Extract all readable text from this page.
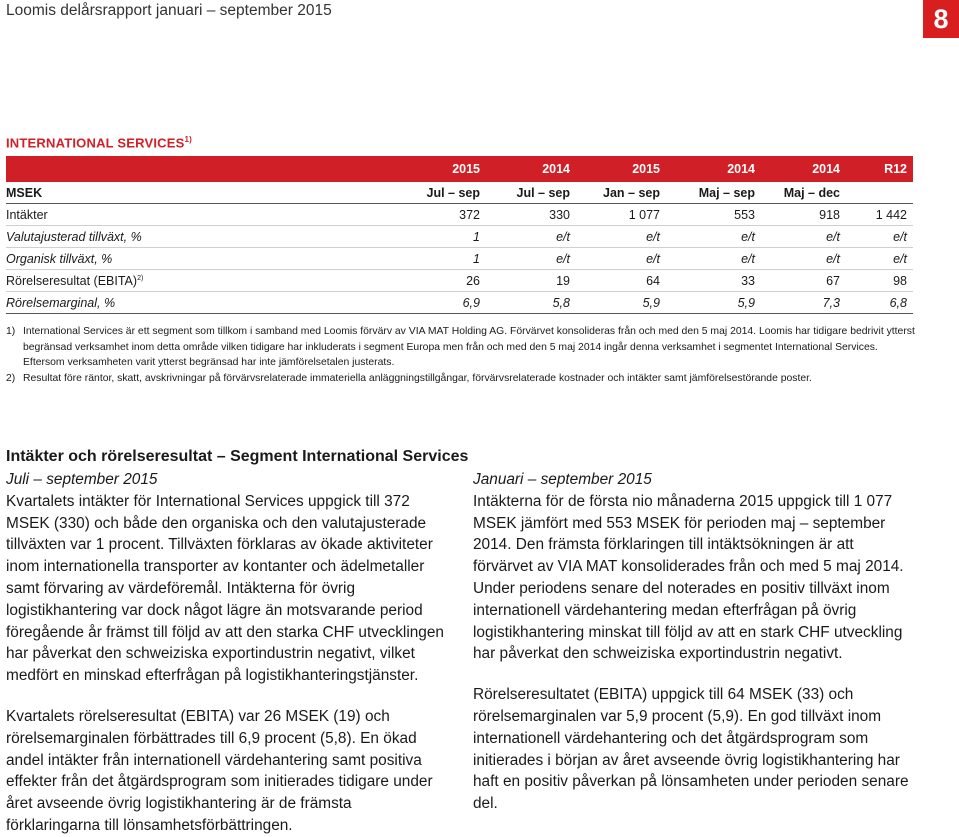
Loomis delårsrapport januari – september 2015	8
INTERNATIONAL SERVICES$^{1)}$
	2015	2014	2015	2014	2014	R12
MSEK	Jul – sep	Jul – sep	Jan – sep	Maj – sep	Maj – dec	
Intäkter	372	330	1 077	553	918	1 442
Valutajusterad tillväxt, %	1	e/t	e/t	e/t	e/t	e/t
Organisk tillväxt, %	1	e/t	e/t	e/t	e/t	e/t
Rörelseresultat (EBITA)$^{2)}$	26	19	64	33	67	98
Rörelsemarginal, %	6,9	5,8	5,9	5,9	7,3	6,8
1) International Services är ett segment som tillkom i samband med Loomis förvärv av VIA MAT Holding AG. Förvärvet konsolideras från och med den 5 maj 2014. Loomis har tidigare bedrivit ytterst begränsad verksamhet inom detta område vilken tidigare har inkluderats i segment Europa men från och med den 5 maj 2014 ingår denna verksamhet i segmentet International Services. Eftersom verksamheten varit ytterst begränsad har inte jämförelsetalen justerats.
2) Resultat före räntor, skatt, avskrivningar på förvärvsrelaterade immateriella anläggningstillgångar, förvärvsrelaterade kostnader och intäkter samt jämförelsestörande poster.

Intäkter och rörelseresultat – Segment International Services

Juli – september 2015

Kvartalets intäkter för International Services uppgick till 372 MSEK (330) och både den organiska och den valutajusterade tillväxten var 1 procent. Tillväxten förklaras av ökade aktiviteter inom internationella transporter av kontanter och ädelmetaller samt förvaring av värdeföremål. Intäkterna för övrig logistikhantering var dock något lägre än motsvarande period föregående år främst till följd av att den starka CHF utvecklingen har påverkat den schweiziska exportindustrin negativt, vilket medfört en minskad efterfrågan på logistikhanteringstjänster.

Kvartalets rörelseresultat (EBITA) var 26 MSEK (19) och rörelsemarginalen förbättrades till 6,9 procent (5,8). En ökad andel intäkter från internationell värdehantering samt positiva effekter från det åtgärdsprogram som initierades tidigare under året avseende övrig logistikhantering är de främsta förklaringarna till lönsamhetsförbättringen.

Januari – september 2015

Intäkterna för de första nio månaderna 2015 uppgick till 1 077 MSEK jämfört med 553 MSEK för perioden maj – september 2014. Den främsta förklaringen till intäktsökningen är att förvärvet av VIA MAT konsoliderades från och med 5 maj 2014. Under periodens senare del noterades en positiv tillväxt inom internationell värdehantering medan efterfrågan på övrig logistikhantering minskat till följd av att en stark CHF utveckling har påverkat den schweiziska exportindustrin negativt.

Rörelseresultatet (EBITA) uppgick till 64 MSEK (33) och rörelsemarginalen var 5,9 procent (5,9). En god tillväxt inom internationell värdehantering och det åtgärdsprogram som initierades i början av året avseende övrig logistikhantering har haft en positiv påverkan på lönsamheten under perioden senare del.
